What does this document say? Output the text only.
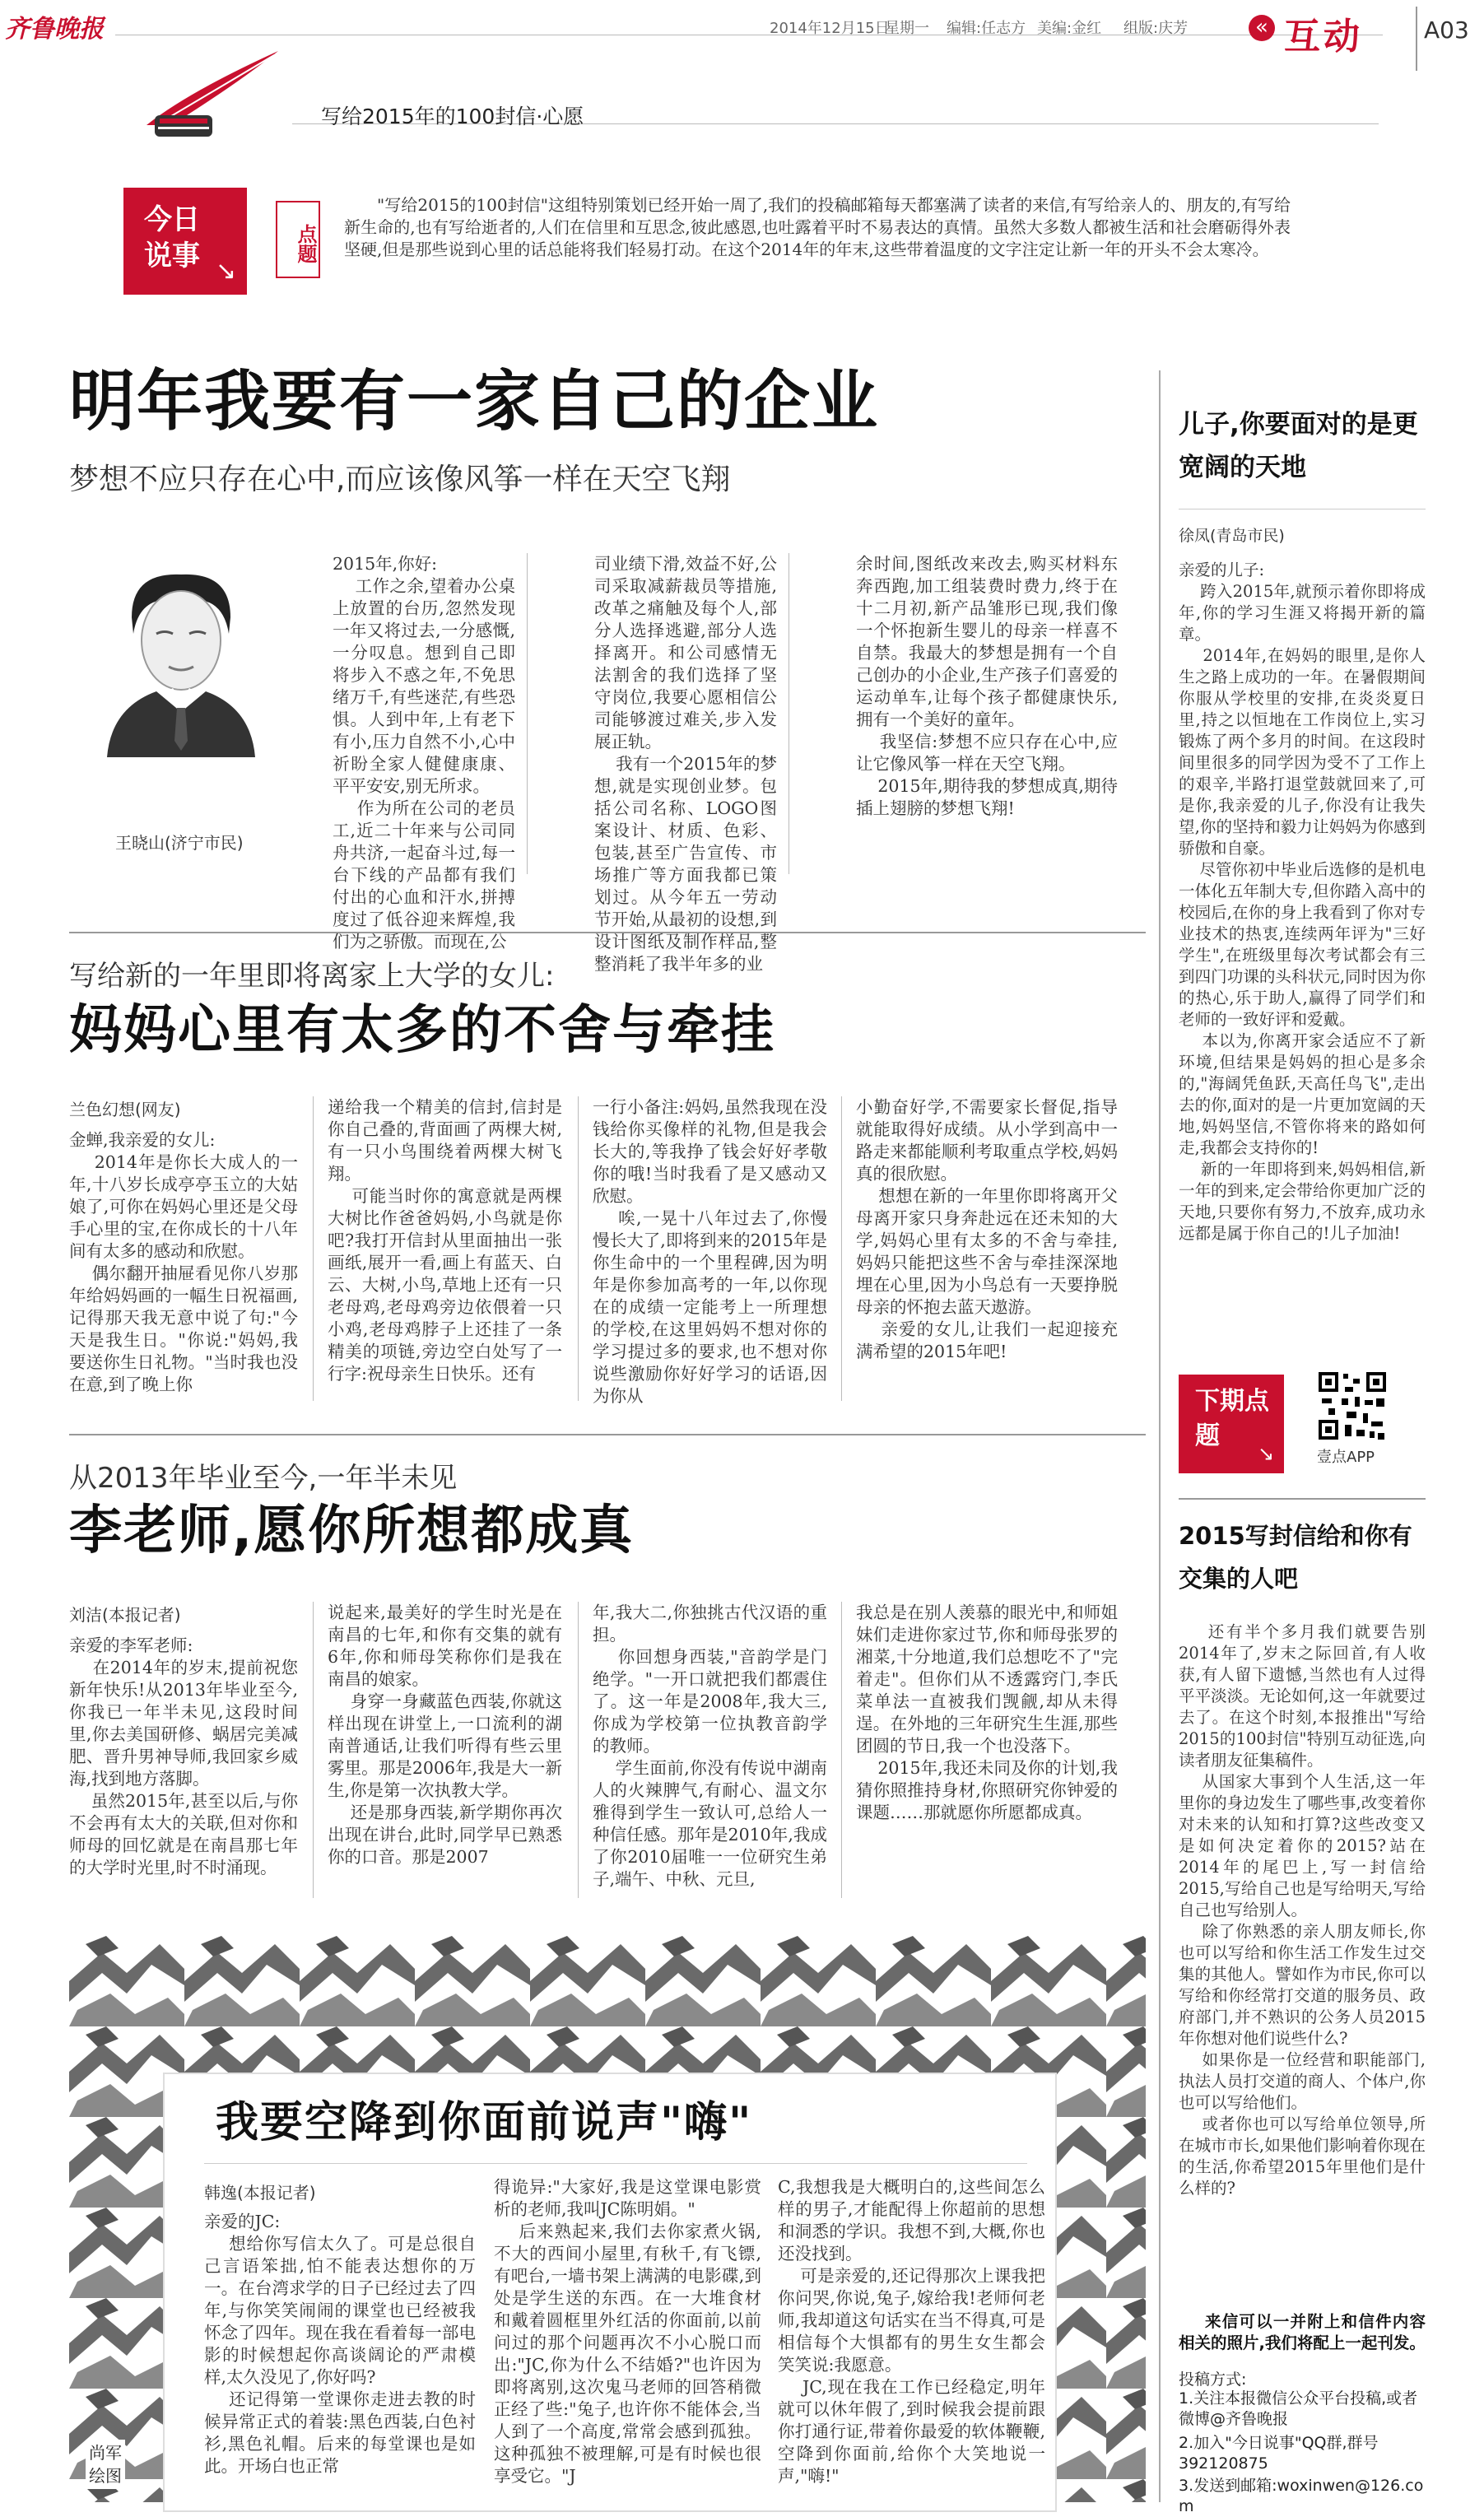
齐鲁晚报	2014年12月15日
星期一 编辑:任志方 美编:金红 组版:庆芳	« 互动	A03
写给2015年的100封信·心愿
今日说事 ↘
点题
"写给2015的100封信"这组特别策划已经开始一周了,我们的投稿邮箱每天都塞满了读者的来信,有写给亲人的、朋友的,有写给新生命的,也有写给逝者的,人们在信里和互思念,彼此感恩,也吐露着平时不易表达的真情。虽然大多数人都被生活和社会磨砺得外表坚硬,但是那些说到心里的话总能将我们轻易打动。在这个2014年的年末,这些带着温度的文字注定让新一年的开头不会太寒冷。
明年我要有一家自己的企业
梦想不应只存在心中,而应该像风筝一样在天空飞翔
王晓山(济宁市民)
2015年,你好:
工作之余,望着办公桌上放置的台历,忽然发现一年又将过去,一分感慨,一分叹息。想到自己即将步入不惑之年,不免思绪万千,有些迷茫,有些恐惧。人到中年,上有老下有小,压力自然不小,心中祈盼全家人健健康康、平平安安,别无所求。
作为所在公司的老员工,近二十年来与公司同舟共济,一起奋斗过,每一台下线的产品都有我们付出的心血和汗水,拼搏度过了低谷迎来辉煌,我们为之骄傲。而现在,公
司业绩下滑,效益不好,公司采取减薪裁员等措施,改革之痛触及每个人,部分人选择逃避,部分人选择离开。和公司感情无法割舍的我们选择了坚守岗位,我要心愿相信公司能够渡过难关,步入发展正轨。
我有一个2015年的梦想,就是实现创业梦。包括公司名称、LOGO图案设计、材质、色彩、包装,甚至广告宣传、市场推广等方面我都已策划过。从今年五一劳动节开始,从最初的设想,到设计图纸及制作样品,整整消耗了我半年多的业
余时间,图纸改来改去,购买材料东奔西跑,加工组装费时费力,终于在十二月初,新产品雏形已现,我们像一个怀抱新生婴儿的母亲一样喜不自禁。我最大的梦想是拥有一个自己创办的小企业,生产孩子们喜爱的运动单车,让每个孩子都健康快乐,拥有一个美好的童年。
我坚信:梦想不应只存在心中,应让它像风筝一样在天空飞翔。
2015年,期待我的梦想成真,期待插上翅膀的梦想飞翔!
写给新的一年里即将离家上大学的女儿:
妈妈心里有太多的不舍与牵挂
兰色幻想(网友)
金蝉,我亲爱的女儿:
2014年是你长大成人的一年,十八岁长成亭亭玉立的大姑娘了,可你在妈妈心里还是父母手心里的宝,在你成长的十八年间有太多的感动和欣慰。
偶尔翻开抽屉看见你八岁那年给妈妈画的一幅生日祝福画,记得那天我无意中说了句:"今天是我生日。"你说:"妈妈,我要送你生日礼物。"当时我也没在意,到了晚上你
递给我一个精美的信封,信封是你自己叠的,背面画了两棵大树,有一只小鸟围绕着两棵大树飞翔。
可能当时你的寓意就是两棵大树比作爸爸妈妈,小鸟就是你吧?我打开信封从里面抽出一张画纸,展开一看,画上有蓝天、白云、大树,小鸟,草地上还有一只老母鸡,老母鸡旁边依偎着一只小鸡,老母鸡脖子上还挂了一条精美的项链,旁边空白处写了一行字:祝母亲生日快乐。还有
一行小备注:妈妈,虽然我现在没钱给你买像样的礼物,但是我会长大的,等我挣了钱会好好孝敬你的哦!当时我看了是又感动又欣慰。
唉,一晃十八年过去了,你慢慢长大了,即将到来的2015年是你生命中的一个里程碑,因为明年是你参加高考的一年,以你现在的成绩一定能考上一所理想的学校,在这里妈妈不想对你的学习提过多的要求,也不想对你说些激励你好好学习的话语,因为你从
小勤奋好学,不需要家长督促,指导就能取得好成绩。从小学到高中一路走来都能顺利考取重点学校,妈妈真的很欣慰。
想想在新的一年里你即将离开父母离开家只身奔赴远在还未知的大学,妈妈心里有太多的不舍与牵挂,妈妈只能把这些不舍与牵挂深深地埋在心里,因为小鸟总有一天要挣脱母亲的怀抱去蓝天遨游。
亲爱的女儿,让我们一起迎接充满希望的2015年吧!
从2013年毕业至今,一年半未见
李老师,愿你所想都成真
刘洁(本报记者)
亲爱的李军老师:
在2014年的岁末,提前祝您新年快乐!从2013年毕业至今,你我已一年半未见,这段时间里,你去美国研修、蜗居完美减肥、晋升男神导师,我回家乡威海,找到地方落脚。
虽然2015年,甚至以后,与你不会再有太大的关联,但对你和师母的回忆就是在南昌那七年的大学时光里,时不时涌现。
说起来,最美好的学生时光是在南昌的七年,和你有交集的就有6年,你和师母笑称你们是我在南昌的娘家。
身穿一身藏蓝色西装,你就这样出现在讲堂上,一口流利的湖南普通话,让我们听得有些云里雾里。那是2006年,我是大一新生,你是第一次执教大学。
还是那身西装,新学期你再次出现在讲台,此时,同学早已熟悉你的口音。那是2007
年,我大二,你独挑古代汉语的重担。
你回想身西装,"音韵学是门绝学。"一开口就把我们都震住了。这一年是2008年,我大三,你成为学校第一位执教音韵学的教师。
学生面前,你没有传说中湖南人的火辣脾气,有耐心、温文尔雅得到学生一致认可,总给人一种信任感。那年是2010年,我成了你2010届唯一一位研究生弟子,端午、中秋、元旦,
我总是在别人羡慕的眼光中,和师姐妹们走进你家过节,你和师母张罗的湘菜,十分地道,我们总想吃不了"完着走"。但你们从不透露窍门,李氏菜单法一直被我们觊觎,却从未得逞。在外地的三年研究生生涯,那些团圆的节日,我一个也没落下。
2015年,我还未同及你的计划,我猜你照推持身材,你照研究你钟爱的课题……那就愿你所愿都成真。
我要空降到你面前说声"嗨"
韩逸(本报记者)
亲爱的JC:
想给你写信太久了。可是总很自己言语笨拙,怕不能表达想你的万一。在台湾求学的日子已经过去了四年,与你笑笑闹闹的课堂也已经被我怀念了四年。现在我在看着每一部电影的时候想起你高谈阔论的严肃模样,太久没见了,你好吗?
还记得第一堂课你走进去教的时候异常正式的着装:黑色西装,白色衬衫,黑色礼帽。后来的每堂课也是如此。开场白也正常
得诡异:"大家好,我是这堂课电影赏析的老师,我叫JC陈明娟。"
后来熟起来,我们去你家煮火锅,不大的西间小屋里,有秋千,有飞镖,有吧台,一墙书架上满满的电影碟,到处是学生送的东西。在一大堆食材和戴着圆框里外红活的你面前,以前问过的那个问题再次不小心脱口而出:"JC,你为什么不结婚?"也许因为即将离别,这次鬼马老师的回答稍微正经了些:"兔子,也许你不能体会,当人到了一个高度,常常会感到孤独。这种孤独不被理解,可是有时候也很享受它。"J
C,我想我是大概明白的,这些间怎么样的男子,才能配得上你超前的思想和洞悉的学识。我想不到,大概,你也还没找到。
可是亲爱的,还记得那次上课我把你问哭,你说,兔子,嫁给我!老师何老师,我却道这句话实在当不得真,可是相信每个大惧都有的男生女生都会笑笑说:我愿意。
JC,现在我在工作已经稳定,明年就可以休年假了,到时候我会提前跟你打通行证,带着你最爱的软体鞭鞭,空降到你面前,给你个大笑地说一声,"嗨!"
尚军
绘图
儿子,你要面对的是更宽阔的天地
徐凤(青岛市民)
亲爱的儿子:
跨入2015年,就预示着你即将成年,你的学习生涯又将揭开新的篇章。
2014年,在妈妈的眼里,是你人生之路上成功的一年。在暑假期间你服从学校里的安排,在炎炎夏日里,持之以恒地在工作岗位上,实习锻炼了两个多月的时间。在这段时间里很多的同学因为受不了工作上的艰辛,半路打退堂鼓就回来了,可是你,我亲爱的儿子,你没有让我失望,你的坚持和毅力让妈妈为你感到骄傲和自豪。
尽管你初中毕业后选修的是机电一体化五年制大专,但你踏入高中的校园后,在你的身上我看到了你对专业技术的热衷,连续两年评为"三好学生",在班级里每次考试都会有三到四门功课的头科状元,同时因为你的热心,乐于助人,赢得了同学们和老师的一致好评和爱戴。
本以为,你离开家会适应不了新环境,但结果是妈妈的担心是多余的,"海阔凭鱼跃,天高任鸟飞",走出去的你,面对的是一片更加宽阔的天地,妈妈坚信,不管你将来的路如何走,我都会支持你的!
新的一年即将到来,妈妈相信,新一年的到来,定会带给你更加广泛的天地,只要你有努力,不放弃,成功永远都是属于你自己的!儿子加油!
下期点题
↘	壹点APP
2015写封信给和你有交集的人吧
还有半个多月我们就要告别2014年了,岁末之际回首,有人收获,有人留下遗憾,当然也有人过得平平淡淡。无论如何,这一年就要过去了。在这个时刻,本报推出"写给2015的100封信"特别互动征选,向读者朋友征集稿件。
从国家大事到个人生活,这一年里你的身边发生了哪些事,改变着你对未来的认知和打算?这些改变又是如何决定着你的2015?站在2014年的尾巴上,写一封信给2015,写给自己也是写给明天,写给自己也写给别人。
除了你熟悉的亲人朋友师长,你也可以写给和你生活工作发生过交集的其他人。譬如作为市民,你可以写给和你经常打交道的服务员、政府部门,并不熟识的公务人员2015年你想对他们说些什么?
如果你是一位经营和职能部门,执法人员打交道的商人、个体户,你也可以写给他们。
或者你也可以写给单位领导,所在城市市长,如果他们影响着你现在的生活,你希望2015年里他们是什么样的?
来信可以一并附上和信件内容相关的照片,我们将配上一起刊发。
投稿方式:
1.关注本报微信公众平台投稿,或者微博@齐鲁晚报
2.加入"今日说事"QQ群,群号392120875
3.发送到邮箱:woxinwen@126.com
